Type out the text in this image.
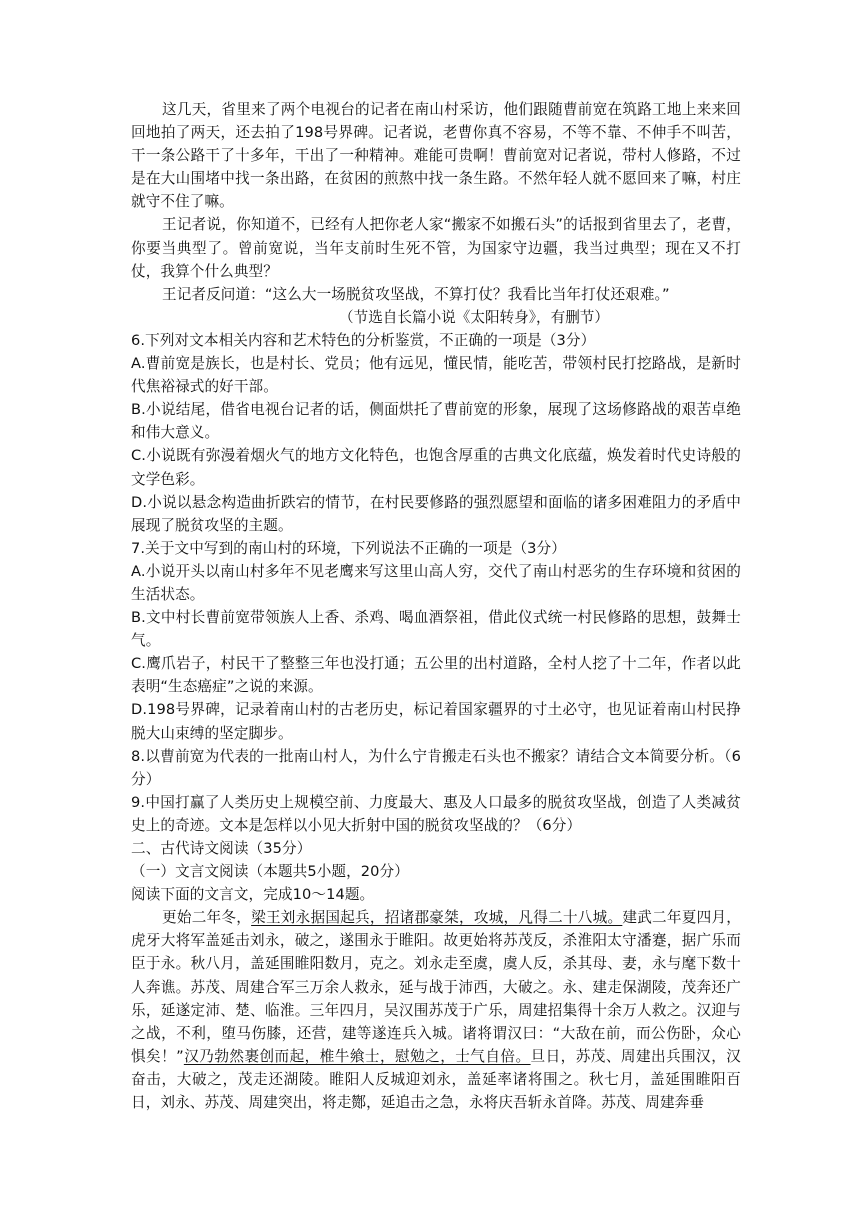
这几天，省里来了两个电视台的记者在南山村采访，他们跟随曹前宽在筑路工地上来来回回地拍了两天，还去拍了198号界碑。记者说，老曹你真不容易，不等不靠、不伸手不叫苦，干一条公路干了十多年，干出了一种精神。难能可贵啊！曹前宽对记者说，带村人修路，不过是在大山围堵中找一条出路，在贫困的煎熬中找一条生路。不然年轻人就不愿回来了嘛，村庄就守不住了嘛。

王记者说，你知道不，已经有人把你老人家“搬家不如搬石头”的话报到省里去了，老曹，你要当典型了。曾前宽说，当年支前时生死不管，为国家守边疆，我当过典型；现在又不打仗，我算个什么典型？

王记者反问道：“这么大一场脱贫攻坚战，不算打仗？我看比当年打仗还艰难。”

（节选自长篇小说《太阳转身》，有删节）

6.下列对文本相关内容和艺术特色的分析鉴赏，不正确的一项是（3分）

A.曹前宽是族长，也是村长、党员；他有远见，懂民情，能吃苦，带领村民打挖路战，是新时代焦裕禄式的好干部。

B.小说结尾，借省电视台记者的话，侧面烘托了曹前宽的形象，展现了这场修路战的艰苦卓绝和伟大意义。

C.小说既有弥漫着烟火气的地方文化特色，也饱含厚重的古典文化底蕴，焕发着时代史诗般的文学色彩。

D.小说以悬念构造曲折跌宕的情节，在村民要修路的强烈愿望和面临的诸多困难阻力的矛盾中展现了脱贫攻坚的主题。

7.关于文中写到的南山村的环境，下列说法不正确的一项是（3分）

A.小说开头以南山村多年不见老鹰来写这里山高人穷，交代了南山村恶劣的生存环境和贫困的生活状态。

B.文中村长曹前宽带领族人上香、杀鸡、喝血酒祭祖，借此仪式统一村民修路的思想，鼓舞士气。

C.鹰爪岩子，村民干了整整三年也没打通；五公里的出村道路，全村人挖了十二年，作者以此表明“生态癌症”之说的来源。

D.198号界碑，记录着南山村的古老历史，标记着国家疆界的寸土必守，也见证着南山村民挣脱大山束缚的坚定脚步。

8.以曹前宽为代表的一批南山村人，为什么宁肯搬走石头也不搬家？请结合文本简要分析。（6分）

9.中国打赢了人类历史上规模空前、力度最大、惠及人口最多的脱贫攻坚战，创造了人类减贫史上的奇迹。文本是怎样以小见大折射中国的脱贫攻坚战的？（6分）

二、古代诗文阅读（35分）

（一）文言文阅读（本题共5小题，20分）

阅读下面的文言文，完成10～14题。

更始二年冬，梁王刘永据国起兵，招诸郡豪桀，攻城，凡得二十八城。建武二年夏四月，虎牙大将军盖延击刘永，破之，遂围永于睢阳。故更始将苏茂反，杀淮阳太守潘蹇，据广乐而臣于永。秋八月，盖延围睢阳数月，克之。刘永走至虞，虞人反，杀其母、妻，永与麾下数十人奔谯。苏茂、周建合军三万余人救永，延与战于沛西，大破之。永、建走保湖陵，茂奔还广乐，延遂定沛、楚、临淮。三年四月，吴汉围苏茂于广乐，周建招集得十余万人救之。汉迎与之战，不利，堕马伤膝，还营，建等遂连兵入城。诸将谓汉曰：“大敌在前，而公伤卧，众心惧矣！”汉乃勃然裹创而起，椎牛飨士，慰勉之，士气自倍。旦日，苏茂、周建出兵围汉，汉奋击，大破之，茂走还湖陵。睢阳人反城迎刘永，盖延率诸将围之。秋七月，盖延围睢阳百日，刘永、苏茂、周建突出，将走酂，延追击之急，永将庆吾斩永首降。苏茂、周建奔垂
